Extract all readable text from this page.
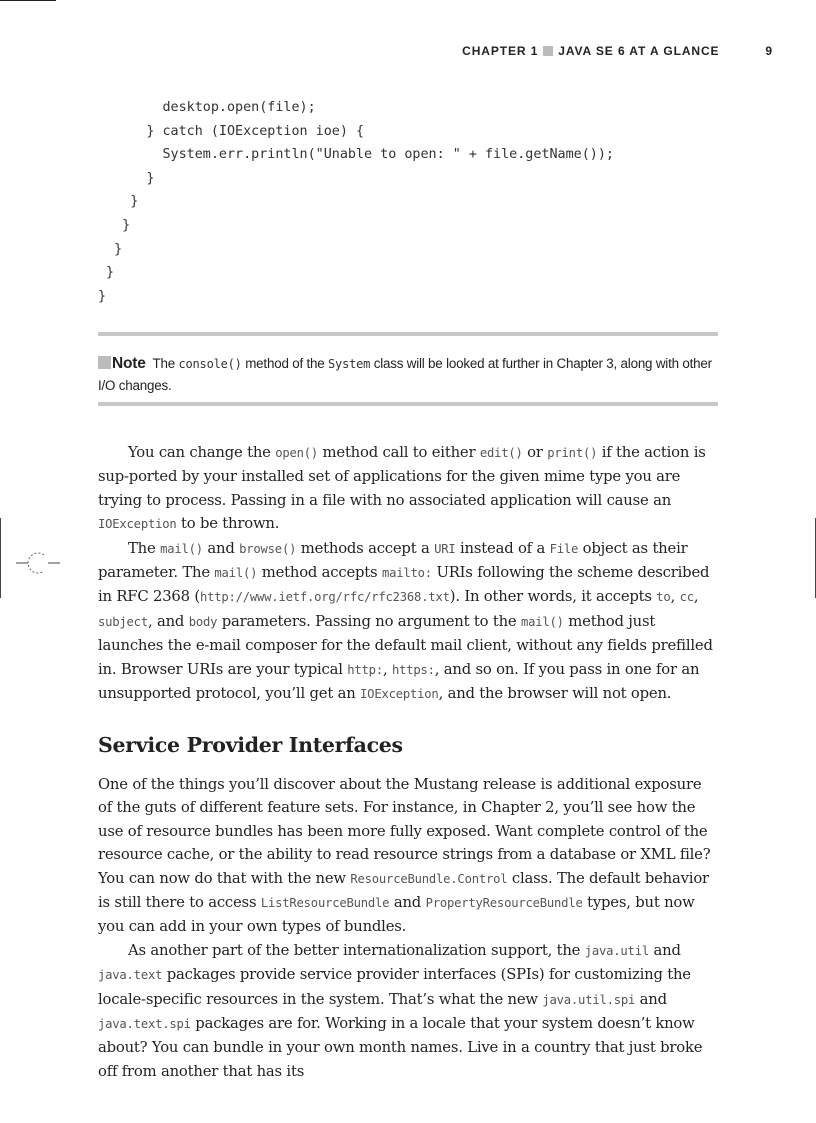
CHAPTER 1 JAVA SE 6 AT A GLANCE	9
desktop.open(file);
} catch (IOException ioe) {
System.err.println("Unable to open: " + file.getName());
}
}
}
}
}
}

Note The console() method of the System class will be looked at further in Chapter 3, along with other I/O changes.

You can change the open() method call to either edit() or print() if the action is sup-ported by your installed set of applications for the given mime type you are trying to process. Passing in a file with no associated application will cause an IOException to be thrown.

The mail() and browse() methods accept a URI instead of a File object as their parameter. The mail() method accepts mailto: URIs following the scheme described in RFC 2368 (http://www.ietf.org/rfc/rfc2368.txt). In other words, it accepts to, cc, subject, and body parameters. Passing no argument to the mail() method just launches the e-mail composer for the default mail client, without any fields prefilled in. Browser URIs are your typical http:, https:, and so on. If you pass in one for an unsupported protocol, you’ll get an IOException, and the browser will not open.

Service Provider Interfaces

One of the things you’ll discover about the Mustang release is additional exposure of the guts of different feature sets. For instance, in Chapter 2, you’ll see how the use of resource bundles has been more fully exposed. Want complete control of the resource cache, or the ability to read resource strings from a database or XML file? You can now do that with the new ResourceBundle.Control class. The default behavior is still there to access ListResourceBundle and PropertyResourceBundle types, but now you can add in your own types of bundles.

As another part of the better internationalization support, the java.util and java.text packages provide service provider interfaces (SPIs) for customizing the locale-specific resources in the system. That’s what the new java.util.spi and java.text.spi packages are for. Working in a locale that your system doesn’t know about? You can bundle in your own month names. Live in a country that just broke off from another that has its
